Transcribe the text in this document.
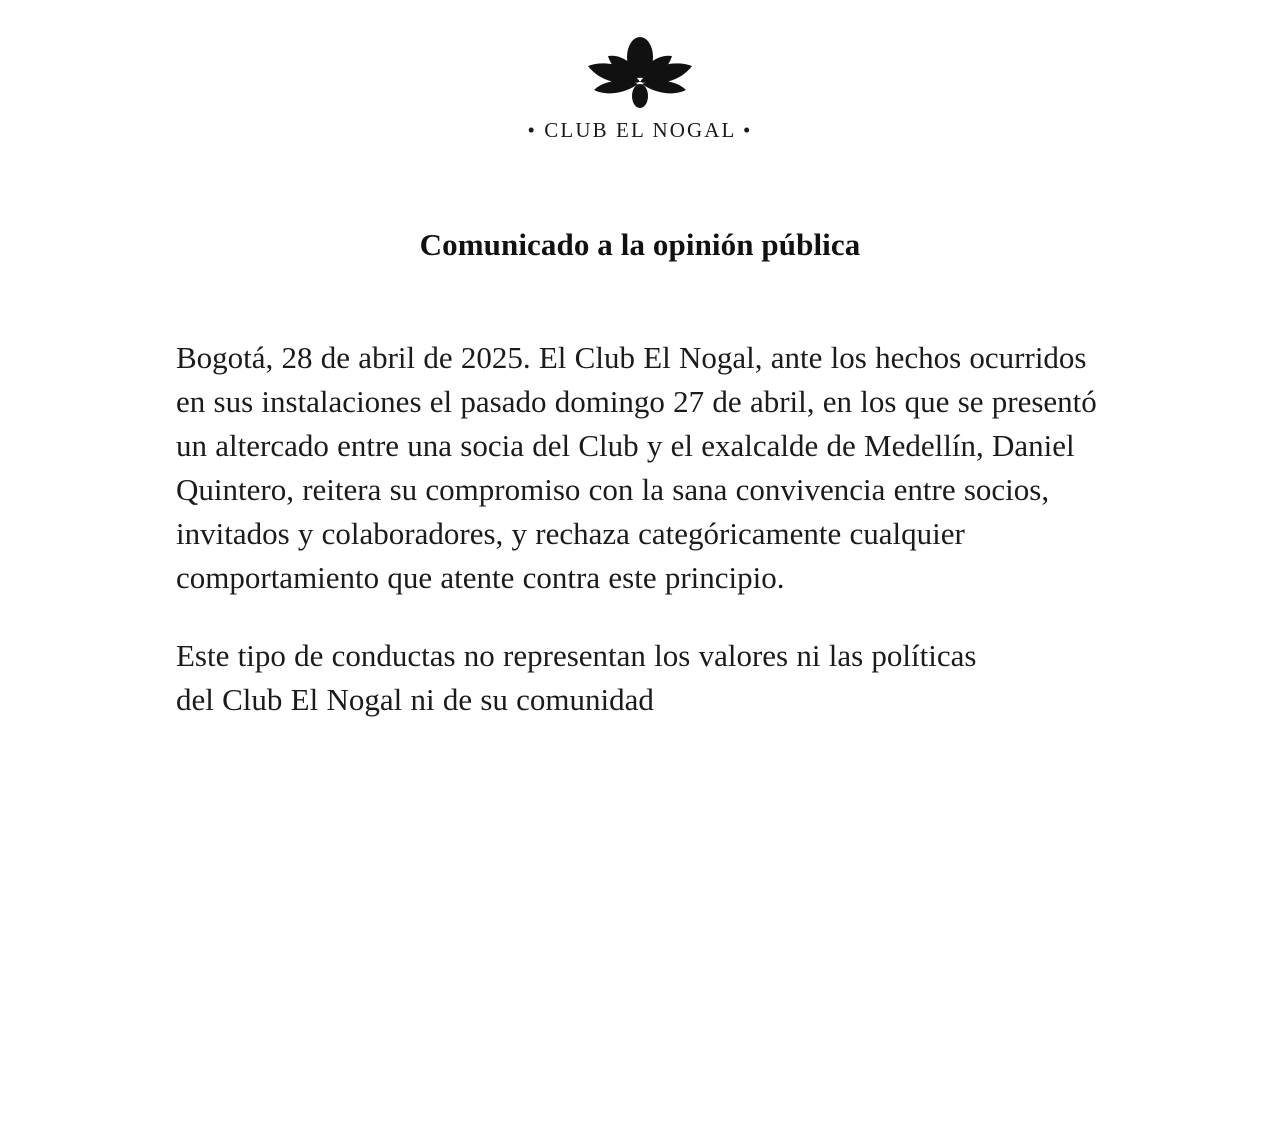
• CLUB EL NOGAL •
Comunicado a la opinión pública

Bogotá, 28 de abril de 2025. El Club El Nogal, ante los hechos ocurridos en sus instalaciones el pasado domingo 27 de abril, en los que se presentó un altercado entre una socia del Club y el exalcalde de Medellín, Daniel Quintero, reitera su compromiso con la sana convivencia entre socios, invitados y colaboradores, y rechaza categóricamente cualquier comportamiento que atente contra este principio.

Este tipo de conductas no representan los valores ni las políticas del Club El Nogal ni de su comunidad
